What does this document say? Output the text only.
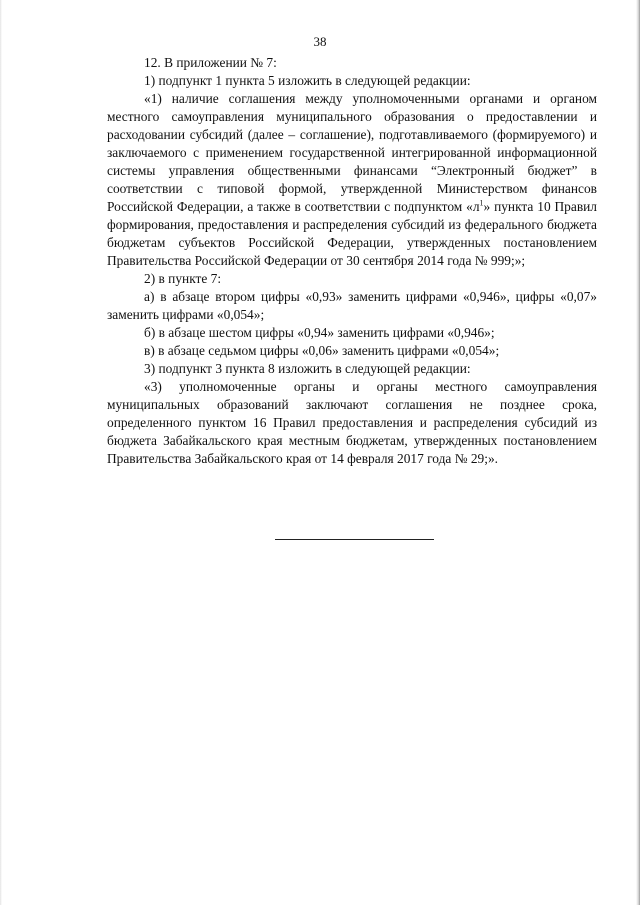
38

12. В приложении № 7:

1) подпункт 1 пункта 5 изложить в следующей редакции:

«1) наличие соглашения между уполномоченными органами и органом местного самоуправления муниципального образования о предоставлении и расходовании субсидий (далее – соглашение), подготавливаемого (формируемого) и заключаемого с применением государственной интегрированной информационной системы управления общественными финансами “Электронный бюджет” в соответствии с типовой формой, утвержденной Министерством финансов Российской Федерации, а также в соответствии с подпунктом «$л^1$» пункта 10 Правил формирования, предоставления и распределения субсидий из федерального бюджета бюджетам субъектов Российской Федерации, утвержденных постановлением Правительства Российской Федерации от 30 сентября 2014 года № 999;»;

2) в пункте 7:

а) в абзаце втором цифры «0,93» заменить цифрами «0,946», цифры «0,07» заменить цифрами «0,054»;

б) в абзаце шестом цифры «0,94» заменить цифрами «0,946»;

в) в абзаце седьмом цифры «0,06» заменить цифрами «0,054»;

3) подпункт 3 пункта 8 изложить в следующей редакции:

«3) уполномоченные органы и органы местного самоуправления муниципальных образований заключают соглашения не позднее срока, определенного пунктом 16 Правил предоставления и распределения субсидий из бюджета Забайкальского края местным бюджетам, утвержденных постановлением Правительства Забайкальского края от 14 февраля 2017 года № 29;».
